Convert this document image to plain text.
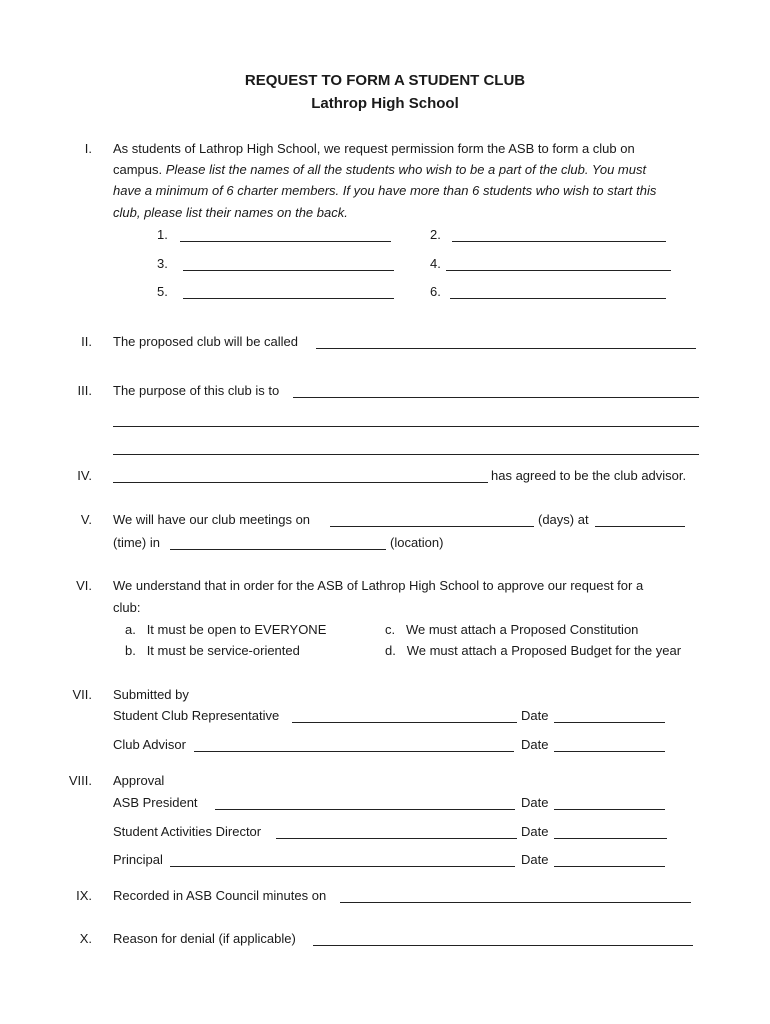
REQUEST TO FORM A STUDENT CLUB
Lathrop High School
I. As students of Lathrop High School, we request permission form the ASB to form a club on
campus. Please list the names of all the students who wish to be a part of the club. You must
have a minimum of 6 charter members. If you have more than 6 students who wish to start this
club, please list their names on the back.
1.	2.
3.	4.
5.	6.
II. The proposed club will be called
III. The purpose of this club is to
IV.	has agreed to be the club advisor.
V. We will have our club meetings on	(days) at
(time) in	(location)
VI. We understand that in order for the ASB of Lathrop High School to approve our request for a
club:
a. It must be open to EVERYONE
b. It must be service-oriented
c. We must attach a Proposed Constitution
d. We must attach a Proposed Budget for the year
VII. Submitted by
Student Club Representative	Date
Club Advisor	Date
VIII. Approval
ASB President	Date
Student Activities Director	Date
Principal	Date
IX. Recorded in ASB Council minutes on
X. Reason for denial (if applicable)
